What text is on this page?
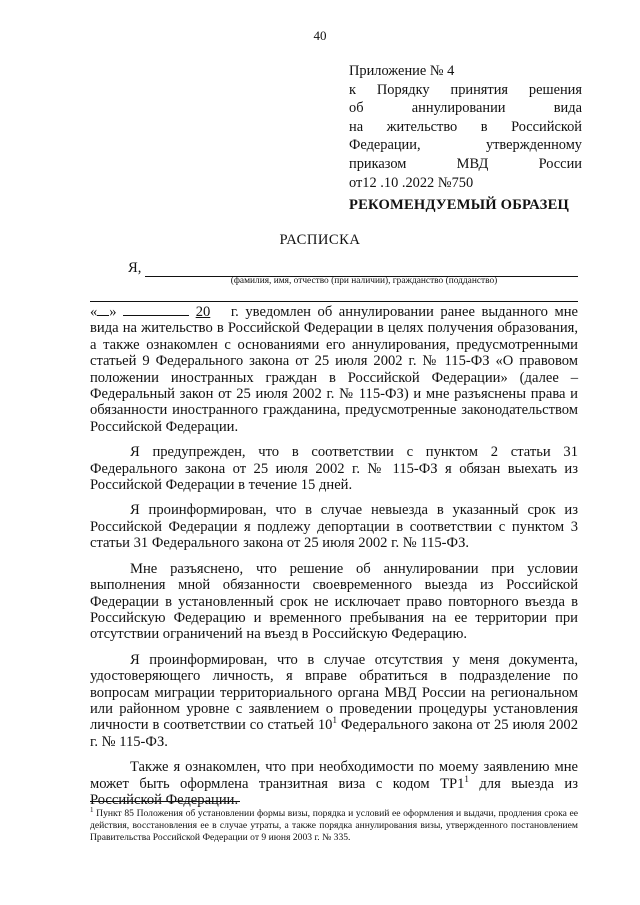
40
Приложение № 4
к Порядку принятия решения
об	аннулировании	вида
на жительство в Российской
Федерации,	утвержденному
приказом	МВД	России
от12 .10 .2022 №750
РЕКОМЕНДУЕМЫЙ ОБРАЗЕЦ
РАСПИСКА
Я,
(фамилия, имя, отчество (при наличии), гражданство (подданство)

« »	20 г. уведомлен об аннулировании ранее выданного мне вида на жительство в Российской Федерации в целях получения образования, а также ознакомлен с основаниями его аннулирования, предусмотренными статьей 9 Федерального закона от 25 июля 2002 г. № 115-ФЗ «О правовом положении иностранных граждан в Российской Федерации» (далее – Федеральный закон от 25 июля 2002 г. № 115-ФЗ) и мне разъяснены права и обязанности иностранного гражданина, предусмотренные законодательством Российской Федерации.

Я предупрежден, что в соответствии с пунктом 2 статьи 31 Федерального закона от 25 июля 2002 г. № 115-ФЗ я обязан выехать из Российской Федерации в течение 15 дней.

Я проинформирован, что в случае невыезда в указанный срок из Российской Федерации я подлежу депортации в соответствии с пунктом 3 статьи 31 Федерального закона от 25 июля 2002 г. № 115-ФЗ.

Мне разъяснено, что решение об аннулировании при условии выполнения мной обязанности своевременного выезда из Российской Федерации в установленный срок не исключает право повторного въезда в Российскую Федерацию и временного пребывания на ее территории при отсутствии ограничений на въезд в Российскую Федерацию.

Я проинформирован, что в случае отсутствия у меня документа, удостоверяющего личность, я вправе обратиться в подразделение по вопросам миграции территориального органа МВД России на региональном или районном уровне с заявлением о проведении процедуры установления личности в соответствии со статьей $10^1$ Федерального закона от 25 июля 2002 г. № 115-ФЗ.

Также я ознакомлен, что при необходимости по моему заявлению мне может быть оформлена транзитная виза с кодом $ТР1^1$ для выезда из Российской Федерации.

$^1$ Пункт 85 Положения об установлении формы визы, порядка и условий ее оформления и выдачи, продления срока ее действия, восстановления ее в случае утраты, а также порядка аннулирования визы, утвержденного постановлением Правительства Российской Федерации от 9 июня 2003 г. № 335.
